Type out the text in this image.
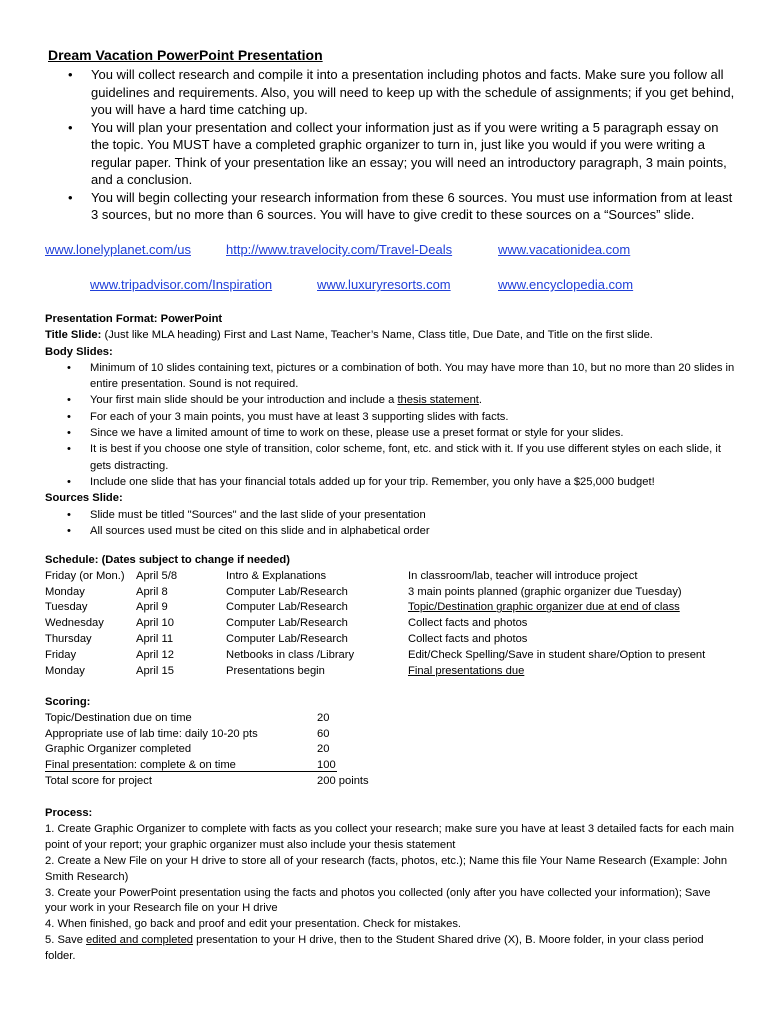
Dream Vacation PowerPoint Presentation
• You will collect research and compile it into a presentation including photos and facts. Make sure you follow all guidelines and requirements. Also, you will need to keep up with the schedule of assignments; if you get behind, you will have a hard time catching up.
• You will plan your presentation and collect your information just as if you were writing a 5 paragraph essay on the topic. You MUST have a completed graphic organizer to turn in, just like you would if you were writing a regular paper. Think of your presentation like an essay; you will need an introductory paragraph, 3 main points, and a conclusion.
• You will begin collecting your research information from these 6 sources. You must use information from at least 3 sources, but no more than 6 sources. You will have to give credit to these sources on a “Sources” slide.
www.lonelyplanet.com/us	http://www.travelocity.com/Travel-Deals	www.vacationidea.com
www.tripadvisor.com/Inspiration	www.luxuryresorts.com	www.encyclopedia.com

Presentation Format: PowerPoint

Title Slide: (Just like MLA heading) First and Last Name, Teacher’s Name, Class title, Due Date, and Title on the first slide.

Body Slides:

• Minimum of 10 slides containing text, pictures or a combination of both. You may have more than 10, but no more than 20 slides in entire presentation. Sound is not required.
• Your first main slide should be your introduction and include a thesis statement.
• For each of your 3 main points, you must have at least 3 supporting slides with facts.
• Since we have a limited amount of time to work on these, please use a preset format or style for your slides.
• It is best if you choose one style of transition, color scheme, font, etc. and stick with it. If you use different styles on each slide, it gets distracting.
• Include one slide that has your financial totals added up for your trip. Remember, you only have a $25,000 budget!

Sources Slide:

• Slide must be titled "Sources" and the last slide of your presentation
• All sources used must be cited on this slide and in alphabetical order
Schedule: (Dates subject to change if needed)
Friday (or Mon.) April 5/8	Intro & Explanations	In classroom/lab, teacher will introduce project
Monday	April 8	Computer Lab/Research	3 main points planned (graphic organizer due Tuesday)
Tuesday	April 9	Computer Lab/Research	Topic/Destination graphic organizer due at end of class
Wednesday	April 10	Computer Lab/Research	Collect facts and photos
Thursday	April 11	Computer Lab/Research	Collect facts and photos
Friday	April 12	Netbooks in class /Library	Edit/Check Spelling/Save in student share/Option to present
Monday	April 15	Presentations begin	Final presentations due
Scoring:
Topic/Destination due on time	20
Appropriate use of lab time: daily 10-20 pts	60
Graphic Organizer completed	20
Final presentation: complete & on time	100
Total score for project	200 points

Process:

1. Create Graphic Organizer to complete with facts as you collect your research; make sure you have at least 3 detailed facts for each main point of your report; your graphic organizer must also include your thesis statement

2. Create a New File on your H drive to store all of your research (facts, photos, etc.); Name this file Your Name Research (Example: John Smith Research)

3. Create your PowerPoint presentation using the facts and photos you collected (only after you have collected your information); Save your work in your Research file on your H drive

4. When finished, go back and proof and edit your presentation. Check for mistakes.

5. Save edited and completed presentation to your H drive, then to the Student Shared drive (X), B. Moore folder, in your class period folder.
